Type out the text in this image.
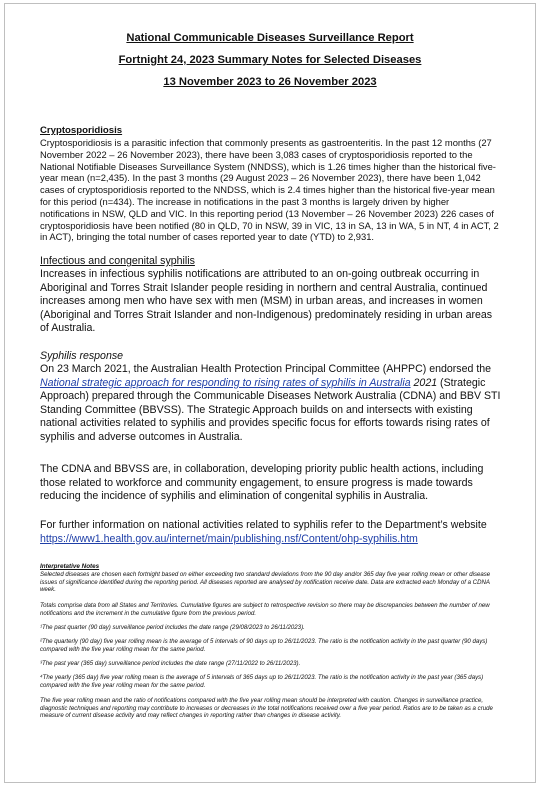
National Communicable Diseases Surveillance Report
Fortnight 24, 2023 Summary Notes for Selected Diseases
13 November 2023 to 26 November 2023
Cryptosporidiosis
Cryptosporidiosis is a parasitic infection that commonly presents as gastroenteritis. In the past 12 months (27 November 2022 – 26 November 2023), there have been 3,083 cases of cryptosporidiosis reported to the National Notifiable Diseases Surveillance System (NNDSS), which is 1.26 times higher than the historical five-year mean (n=2,435). In the past 3 months (29 August 2023 – 26 November 2023), there have been 1,042 cases of cryptosporidiosis reported to the NNDSS, which is 2.4 times higher than the historical five-year mean for this period (n=434). The increase in notifications in the past 3 months is largely driven by higher notifications in NSW, QLD and VIC. In this reporting period (13 November – 26 November 2023) 226 cases of cryptosporidiosis have been notified (80 in QLD, 70 in NSW, 39 in VIC, 13 in SA, 13 in WA, 5 in NT, 4 in ACT, 2 in ACT), bringing the total number of cases reported year to date (YTD) to 2,931.
Infectious and congenital syphilis
Increases in infectious syphilis notifications are attributed to an on-going outbreak occurring in Aboriginal and Torres Strait Islander people residing in northern and central Australia, continued increases among men who have sex with men (MSM) in urban areas, and increases in women (Aboriginal and Torres Strait Islander and non-Indigenous) predominately residing in urban areas of Australia.
Syphilis response
On 23 March 2021, the Australian Health Protection Principal Committee (AHPPC) endorsed the National strategic approach for responding to rising rates of syphilis in Australia 2021 (Strategic Approach) prepared through the Communicable Diseases Network Australia (CDNA) and BBV STI Standing Committee (BBVSS). The Strategic Approach builds on and intersects with existing national activities related to syphilis and provides specific focus for efforts towards rising rates of syphilis and adverse outcomes in Australia.
The CDNA and BBVSS are, in collaboration, developing priority public health actions, including those related to workforce and community engagement, to ensure progress is made towards reducing the incidence of syphilis and elimination of congenital syphilis in Australia.
For further information on national activities related to syphilis refer to the Department’s website
https://www1.health.gov.au/internet/main/publishing.nsf/Content/ohp-syphilis.htm
Interpretative Notes
Selected diseases are chosen each fortnight based on either exceeding two standard deviations from the 90 day and/or 365 day five year rolling mean or other disease issues of significance identified during the reporting period. All diseases reported are analysed by notification receive date. Data are extracted each Monday of a CDNA week.
Totals comprise data from all States and Territories. Cumulative figures are subject to retrospective revision so there may be discrepancies between the number of new notifications and the increment in the cumulative figure from the previous period.
¹The past quarter (90 day) surveillance period includes the date range (29/08/2023 to 26/11/2023).
²The quarterly (90 day) five year rolling mean is the average of 5 intervals of 90 days up to 26/11/2023. The ratio is the notification activity in the past quarter (90 days) compared with the five year rolling mean for the same period.
³The past year (365 day) surveillance period includes the date range (27/11/2022 to 26/11/2023).
⁴The yearly (365 day) five year rolling mean is the average of 5 intervals of 365 days up to 26/11/2023. The ratio is the notification activity in the past year (365 days) compared with the five year rolling mean for the same period.
The five year rolling mean and the ratio of notifications compared with the five year rolling mean should be interpreted with caution. Changes in surveillance practice, diagnostic techniques and reporting may contribute to increases or decreases in the total notifications received over a five year period. Ratios are to be taken as a crude measure of current disease activity and may reflect changes in reporting rather than changes in disease activity.
